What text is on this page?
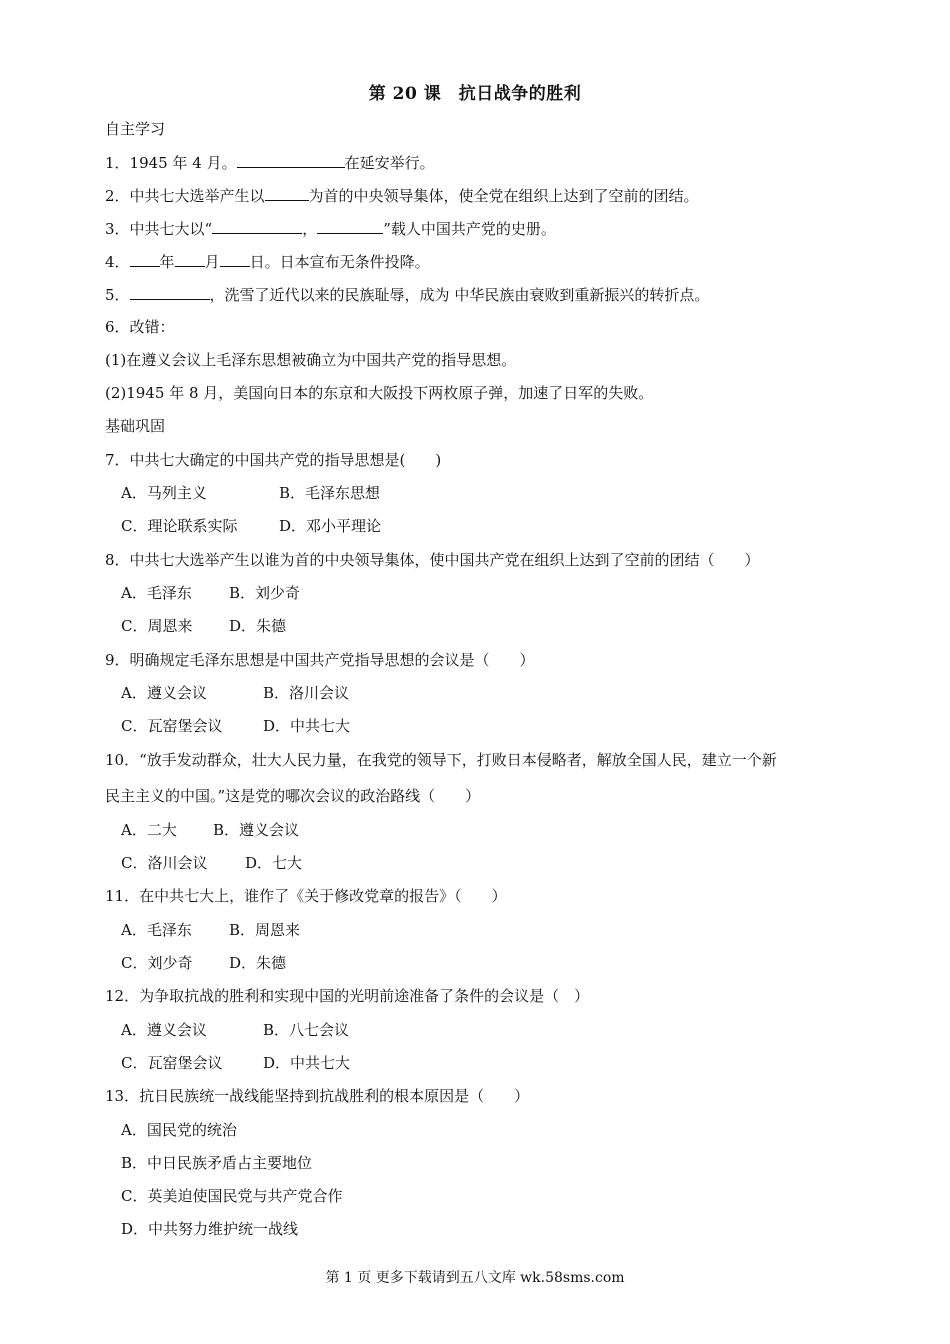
第 20 课　抗日战争的胜利
自主学习
1．1945 年 4 月。	在延安举行。
2．中共七大选举产生以	为首的中央领导集体，使全党在组织上达到了空前的团结。
3．中共七大以“	，	”载人中国共产党的史册。
4． 年 月 日。日本宣布无条件投降。
5．	，洗雪了近代以来的民族耻辱，成为 中华民族由衰败到重新振兴的转折点。
6．改错：
(1)在遵义会议上毛泽东思想被确立为中国共产党的指导思想。
(2)1945 年 8 月，美国向日本的东京和大阪投下两枚原子弹，加速了日军的失败。
基础巩固
7．中共七大确定的中国共产党的指导思想是(　　)
A．马列主义	B．毛泽东思想
C．理论联系实际	D．邓小平理论
8．中共七大选举产生以谁为首的中央领导集体，使中国共产党在组织上达到了空前的团结（　　）
A．毛泽东 B．刘少奇
C．周恩来 D．朱德
9．明确规定毛泽东思想是中国共产党指导思想的会议是（　　）
A．遵义会议	B．洛川会议
C．瓦窑堡会议	D．中共七大
10．“放手发动群众，壮大人民力量，在我党的领导下，打败日本侵略者，解放全国人民，建立一个新
民主主义的中国。”这是党的哪次会议的政治路线（　　）
A．二大 B．遵义会议
C．洛川会议	D．七大
11．在中共七大上，谁作了《关于修改党章的报告》（　　）
A．毛泽东 B．周恩来
C．刘少奇 D．朱德
12．为争取抗战的胜利和实现中国的光明前途准备了条件的会议是（　）
A．遵义会议	B．八七会议
C．瓦窑堡会议	D．中共七大
13．抗日民族统一战线能坚持到抗战胜利的根本原因是（　　）
A．国民党的统治
B．中日民族矛盾占主要地位
C．英美迫使国民党与共产党合作
D．中共努力维护统一战线
第 1 页 更多下载请到五八文库 wk.58sms.com
